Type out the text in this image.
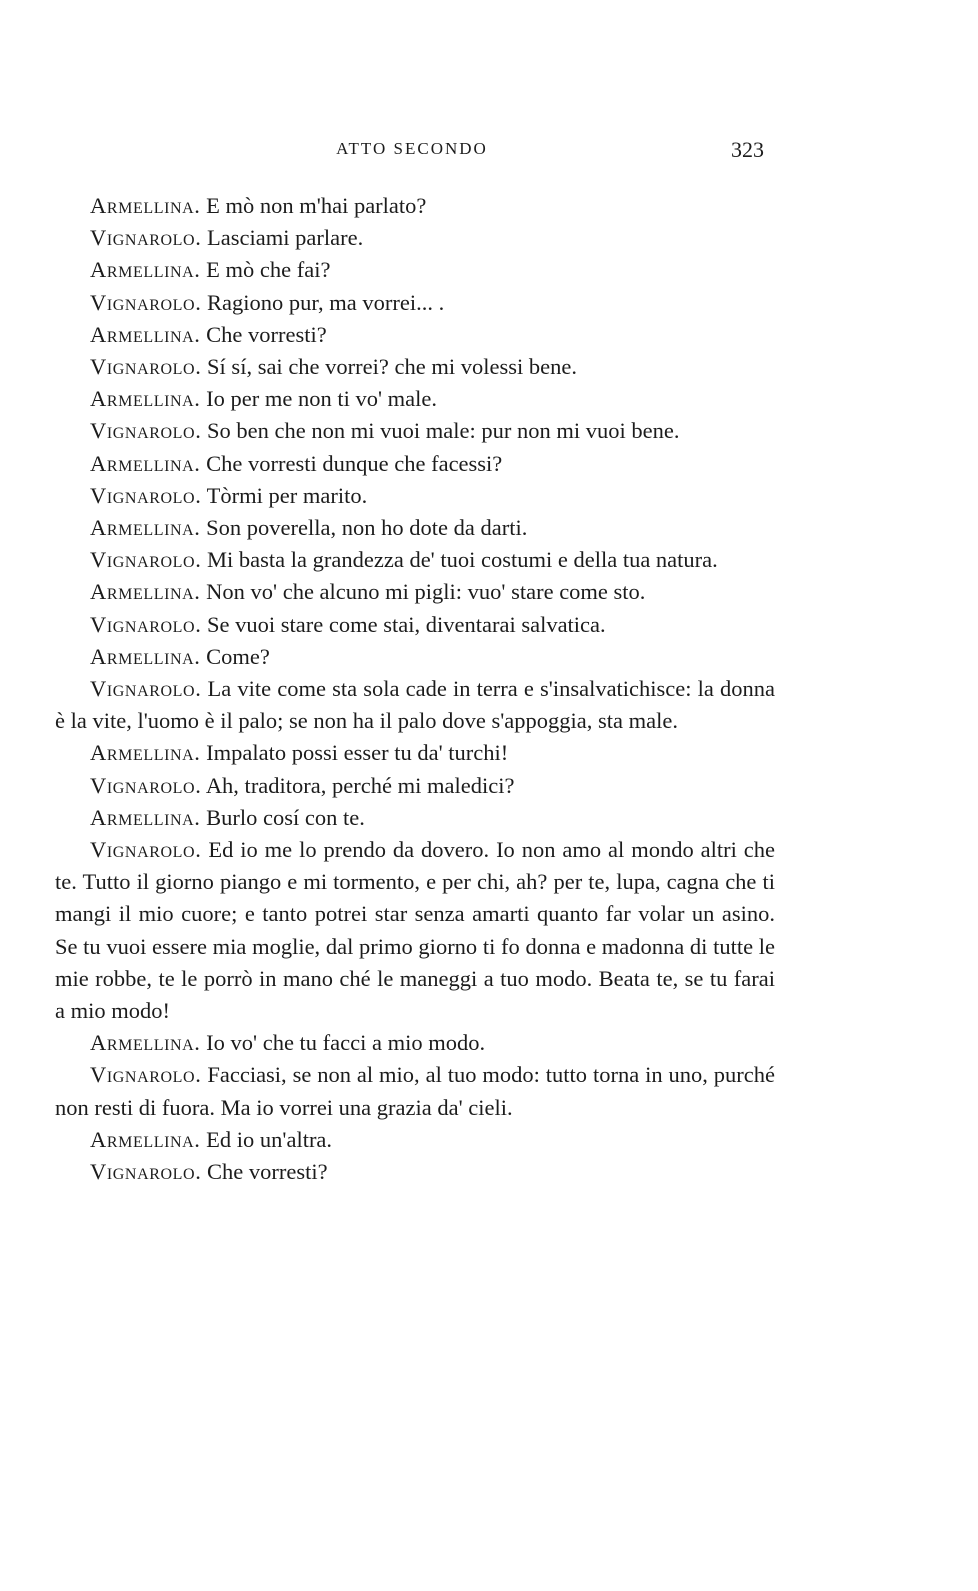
ATTO SECONDO	323

Armellina. E mò non m'hai parlato?

Vignarolo. Lasciami parlare.

Armellina. E mò che fai?

Vignarolo. Ragiono pur, ma vorrei... .

Armellina. Che vorresti?

Vignarolo. Sí sí, sai che vorrei? che mi volessi bene.

Armellina. Io per me non ti vo' male.

Vignarolo. So ben che non mi vuoi male: pur non mi vuoi bene.

Armellina. Che vorresti dunque che facessi?

Vignarolo. Tòrmi per marito.

Armellina. Son poverella, non ho dote da darti.

Vignarolo. Mi basta la grandezza de' tuoi costumi e della tua natura.

Armellina. Non vo' che alcuno mi pigli: vuo' stare come sto.

Vignarolo. Se vuoi stare come stai, diventarai salvatica.

Armellina. Come?

Vignarolo. La vite come sta sola cade in terra e s'insalvatichisce: la donna è la vite, l'uomo è il palo; se non ha il palo dove s'appoggia, sta male.

Armellina. Impalato possi esser tu da' turchi!

Vignarolo. Ah, traditora, perché mi maledici?

Armellina. Burlo cosí con te.

Vignarolo. Ed io me lo prendo da dovero. Io non amo al mondo altri che te. Tutto il giorno piango e mi tormento, e per chi, ah? per te, lupa, cagna che ti mangi il mio cuore; e tanto potrei star senza amarti quanto far volar un asino. Se tu vuoi essere mia moglie, dal primo giorno ti fo donna e madonna di tutte le mie robbe, te le porrò in mano ché le maneggi a tuo modo. Beata te, se tu farai a mio modo!

Armellina. Io vo' che tu facci a mio modo.

Vignarolo. Facciasi, se non al mio, al tuo modo: tutto torna in uno, purché non resti di fuora. Ma io vorrei una grazia da' cieli.

Armellina. Ed io un'altra.

Vignarolo. Che vorresti?
